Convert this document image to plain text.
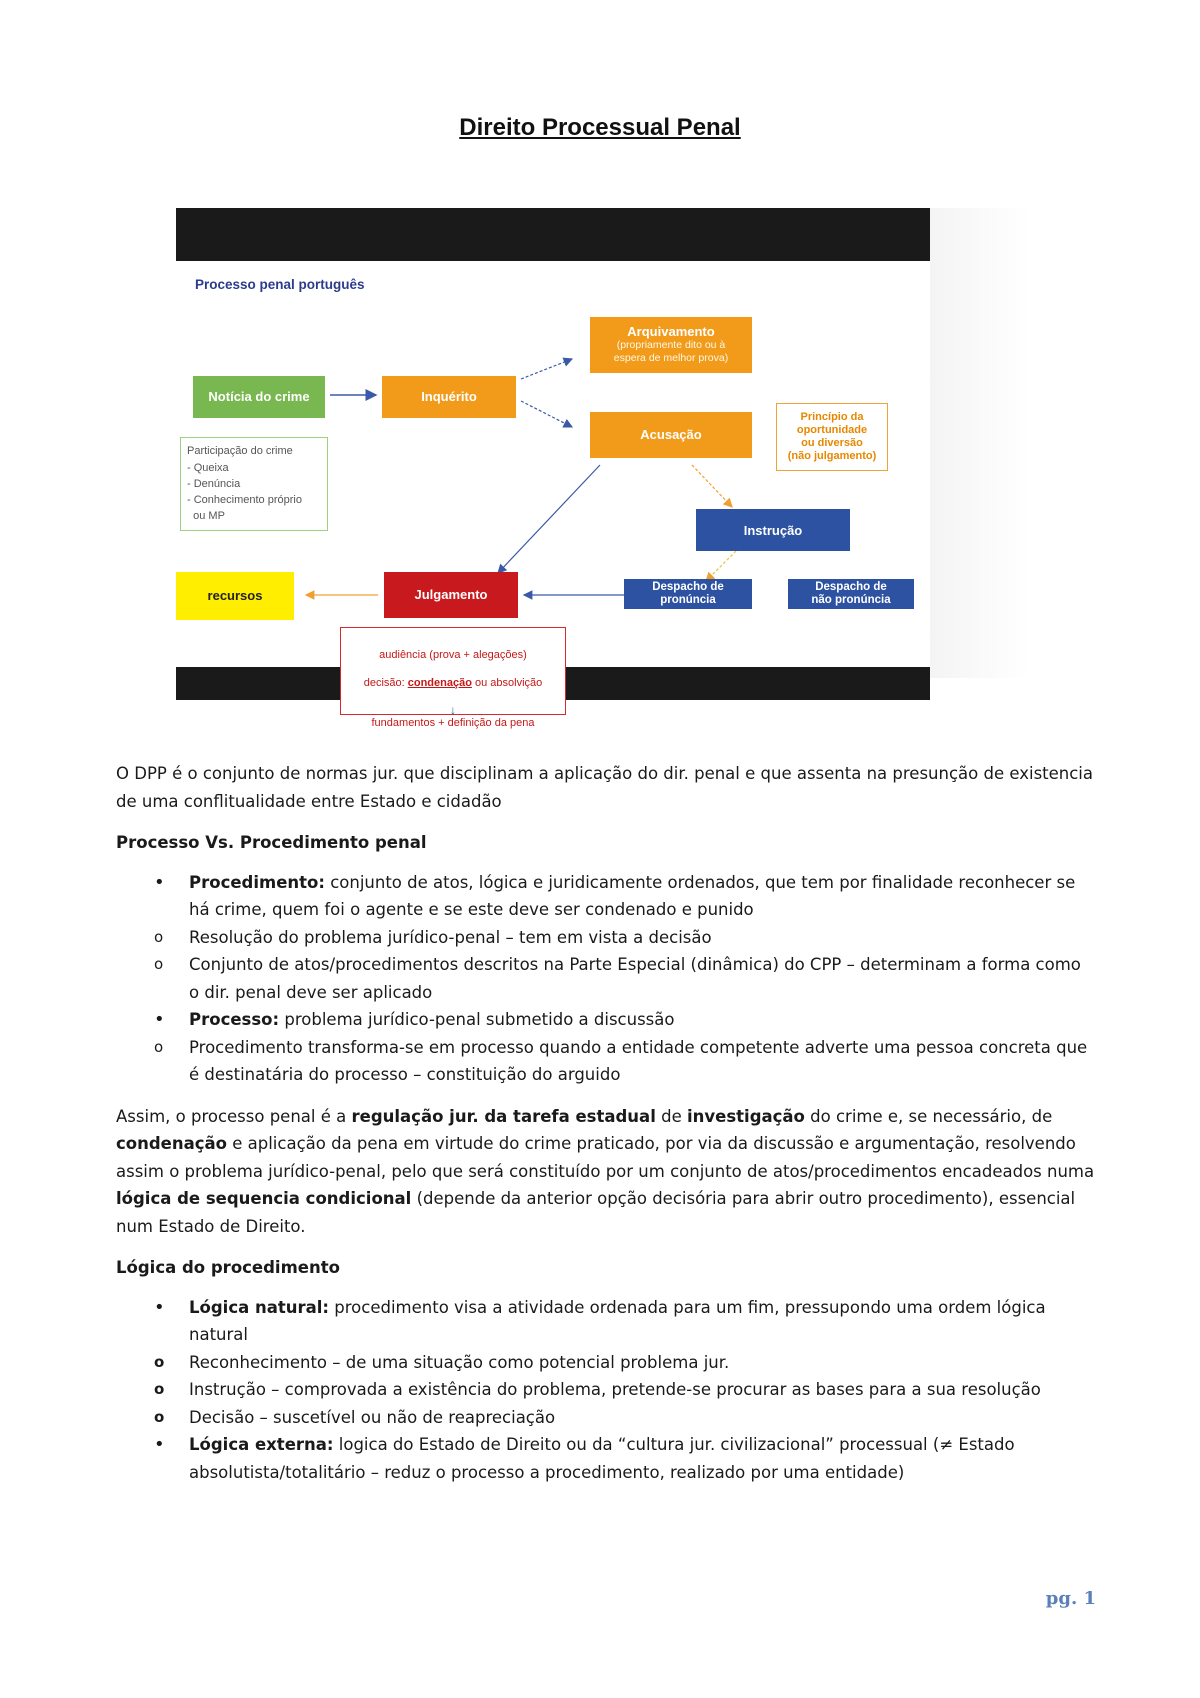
Direito Processual Penal
Processo penal português
Notícia do crime	Inquérito
Arquivamento
(propriamente dito ou à
espera de melhor prova)
Acusação
Princípio da
oportunidade
ou diversão
(não julgamento)
Participação do crime
- Queixa
- Denúncia
- Conhecimento próprio
ou MP
Instrução
Despacho de
pronúncia
Despacho de
não pronúncia
recursos	Julgamento

audiência (prova + alegações)

decisão: condenação ou absolvição

↓
fundamentos + definição da pena

O DPP é o conjunto de normas jur. que disciplinam a aplicação do dir. penal e que assenta na presunção de existencia de uma conflitualidade entre Estado e cidadão

Processo Vs. Procedimento penal

• Procedimento: conjunto de atos, lógica e juridicamente ordenados, que tem por finalidade reconhecer se há crime, quem foi o agente e se este deve ser condenado e punido
o Resolução do problema jurídico-penal – tem em vista a decisão
o Conjunto de atos/procedimentos descritos na Parte Especial (dinâmica) do CPP – determinam a forma como o dir. penal deve ser aplicado
• Processo: problema jurídico-penal submetido a discussão
o Procedimento transforma-se em processo quando a entidade competente adverte uma pessoa concreta que é destinatária do processo – constituição do arguido

Assim, o processo penal é a regulação jur. da tarefa estadual de investigação do crime e, se necessário, de condenação e aplicação da pena em virtude do crime praticado, por via da discussão e argumentação, resolvendo assim o problema jurídico-penal, pelo que será constituído por um conjunto de atos/procedimentos encadeados numa lógica de sequencia condicional (depende da anterior opção decisória para abrir outro procedimento), essencial num Estado de Direito.

Lógica do procedimento

• Lógica natural: procedimento visa a atividade ordenada para um fim, pressupondo uma ordem lógica natural
o Reconhecimento – de uma situação como potencial problema jur.
o Instrução – comprovada a existência do problema, pretende-se procurar as bases para a sua resolução
o Decisão – suscetível ou não de reapreciação
• Lógica externa: logica do Estado de Direito ou da “cultura jur. civilizacional” processual (≠ Estado absolutista/totalitário – reduz o processo a procedimento, realizado por uma entidade)
pg. 1
